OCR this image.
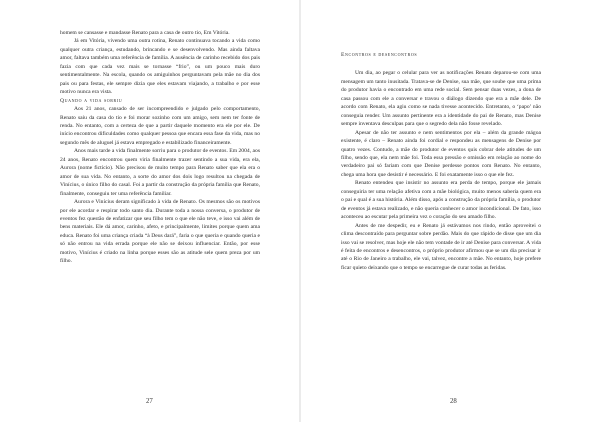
homem se cansasse e mandasse Renato para a casa de outro tio, Em Vitória.

Já em Vitória, vivendo uma outra rotina, Renato continuava tocando a vida como qualquer outra criança, estudando, brincando e se desenvolvendo. Mas ainda faltava amor, faltava também uma referência de família. A ausência de carinho recebido dos pais fazia com que cada vez mais se tornasse “frio”, ou um pouco mais duro sentimentalmente. Na escola, quando os amiguinhos perguntavam pela mãe no dia dos pais ou para festas, ele sempre dizia que eles estavam viajando, a trabalho e por esse motivo nunca era vista.

Quando a vida sorriu

Aos 21 anos, cansado de ser incompreendido e julgado pelo comportamento, Renato saiu da casa do tio e foi morar sozinho com um amigo, sem nem ter fonte de renda. No entanto, com a certeza de que a partir daquele momento era ele por ele. De início encontrou dificuldades como qualquer pessoa que encara essa fase da vida, mas no segundo mês de aluguel já estava empregado e estabilizado financeiramente.

Anos mais tarde a vida finalmente sorriu para o produtor de eventos. Em 2004, aos 24 anos, Renato encontrou quem viria finalmente trazer sentindo a sua vida, era ela, Aurora (nome fictício). Não precisou de muito tempo para Renato saber que ela era o amor de sua vida. No entanto, a sorte do amor dos dois logo resultou na chegada de Vinícius, o único filho do casal. Foi a partir da construção da própria família que Renato, finalmente, conseguiu ter uma referência familiar.

Aurora e Vinícius deram significado à vida de Renato. Os mesmos são os motivos por ele acordar e respirar todo santo dia. Durante toda a nossa conversa, o produtor de eventos fez questão de enfatizar que seu filho tem o que ele não teve, e isso vai além de bens materiais. Ele dá amor, carinho, afeto, e principalmente, limites porque quem ama educa. Renato foi uma criança criada “à Deus dará”, faria o que queria e quando queria e só não entrou na vida errada porque ele não se deixou influenciar. Então, por esse motivo, Vinícius é criado na linha porque esses são as atitude sele quem preza por um filho.

27

Encontros e desencontros

Um dia, ao pegar o celular para ver as notificações Renato deparou-se com uma mensagem um tanto inusitada. Tratava-se de Denise, sua mãe, que soube que uma prima do produtor havia o encontrado em uma rede social. Sem pensar duas vezes, a dona de casa passou com ele a conversar e travou o diálogo dizendo que era a mãe dele. De acordo com Renato, ela agiu como se nada tivesse acontecido. Entretanto, o ‘papo’ não conseguia render. Um assunto pertinente era a identidade do pai de Renato, mas Denise sempre inventava desculpas para que o segredo dela não fosse revelado.

Apesar de não ter assunto e nem sentimentos por ela – além da grande mágoa existente, é claro – Renato ainda foi cordial e respondeu as mensagens de Denise por quatro vezes. Contudo, a mãe do produtor de eventos quis cobrar dele atitudes de um filho, sendo que, ela nem mãe foi. Toda essa pressão e omissão em relação ao nome do verdadeiro pai só fariam com que Denise perdesse pontos com Renato. No entanto, chega uma hora que desistir é necessário. E foi exatamente isso o que ele fez.

Renato entendeu que insistir no assunto era perda de tempo, porque ele jamais conseguiria ter uma relação afetiva com a mãe biológica, muito menos saberia quem era o pai e qual é a sua história. Além disso, após a construção da própria família, o produtor de eventos já estava realizado, e não queria conhecer o amor incondicional. De fato, isso aconteceu ao escutar pela primeira vez o coração do seu amado filho.

Antes de me despedir, eu e Renato já estávamos nos rindo, então aproveitei o clima descontraído para perguntar sobre perdão. Mais do que rápido de disse que um dia isso vai se resolver, mas hoje ele não tem vontade de ir até Denise para conversar. A vida é feita de encontros e desencontros, o próprio produtor afirmou que se um dia precisar ir até o Rio de Janeiro a trabalho, ele vai, talvez, encontre a mãe. No entanto, hoje prefere ficar quieto deixando que o tempo se encarregue de curar todas as feridas.

28
